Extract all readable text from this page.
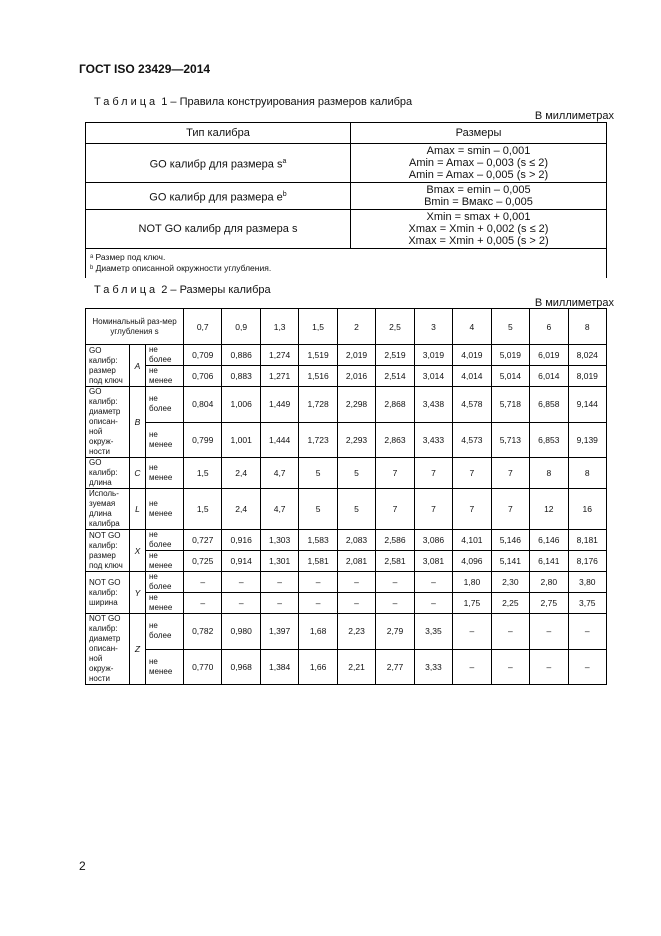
ГОСТ ISO 23429—2014
Таблица 1 – Правила конструирования размеров калибра
В миллиметрах
Тип калибра	Размеры
GO калибр для размера $s^a$	Amax = smin – 0,001
Amin = Amax – 0,003 (s ≤ 2)
Amin = Amax – 0,005 (s > 2)

GO калибр для размера $e^b$	Bmax = emin – 0,005
Bmin = Bмакс – 0,005

NOT GO калибр для размера s	Xmin = smax + 0,001
Xmax = Xmin + 0,002 (s ≤ 2)
Xmax = Xmin + 0,005 (s > 2)

ᵃ Размер под ключ.
ᵇ Диаметр описанной окружности углубления.	
Таблица 2 – Размеры калибра
В миллиметрах
Номинальный раз-мер углубления s			0,7	0,9	1,3	1,5	2	2,5	3	4	5	6	8
GO калибр: размер под ключ	A	не более	0,709	0,886	1,274	1,519	2,019	2,519	3,019	4,019	5,019	6,019	8,024
		не менее	0,706	0,883	1,271	1,516	2,016	2,514	3,014	4,014	5,014	6,014	8,019
GO калибр: диаметр описан-ной окруж-ности	B	не более	0,804	1,006	1,449	1,728	2,298	2,868	3,438	4,578	5,718	6,858	9,144
		не менее	0,799	1,001	1,444	1,723	2,293	2,863	3,433	4,573	5,713	6,853	9,139
GO калибр: длина	C	не менее	1,5	2,4	4,7	5	5	7	7	7	7	8	8
Исполь-зуемая длина калибра	L	не менее	1,5	2,4	4,7	5	5	7	7	7	7	12	16
NOT GO калибр: размер под ключ	X	не более	0,727	0,916	1,303	1,583	2,083	2,586	3,086	4,101	5,146	6,146	8,181
		не менее	0,725	0,914	1,301	1,581	2,081	2,581	3,081	4,096	5,141	6,141	8,176
NOT GO калибр: ширина	Y	не более	–	–	–	–	–	–	–	1,80	2,30	2,80	3,80
		не менее	–	–	–	–	–	–	–	1,75	2,25	2,75	3,75
NOT GO калибр: диаметр описан-ной окруж-ности	Z	не более	0,782	0,980	1,397	1,68	2,23	2,79	3,35	–	–	–	–
		не менее	0,770	0,968	1,384	1,66	2,21	2,77	3,33	–	–	–	–
2
